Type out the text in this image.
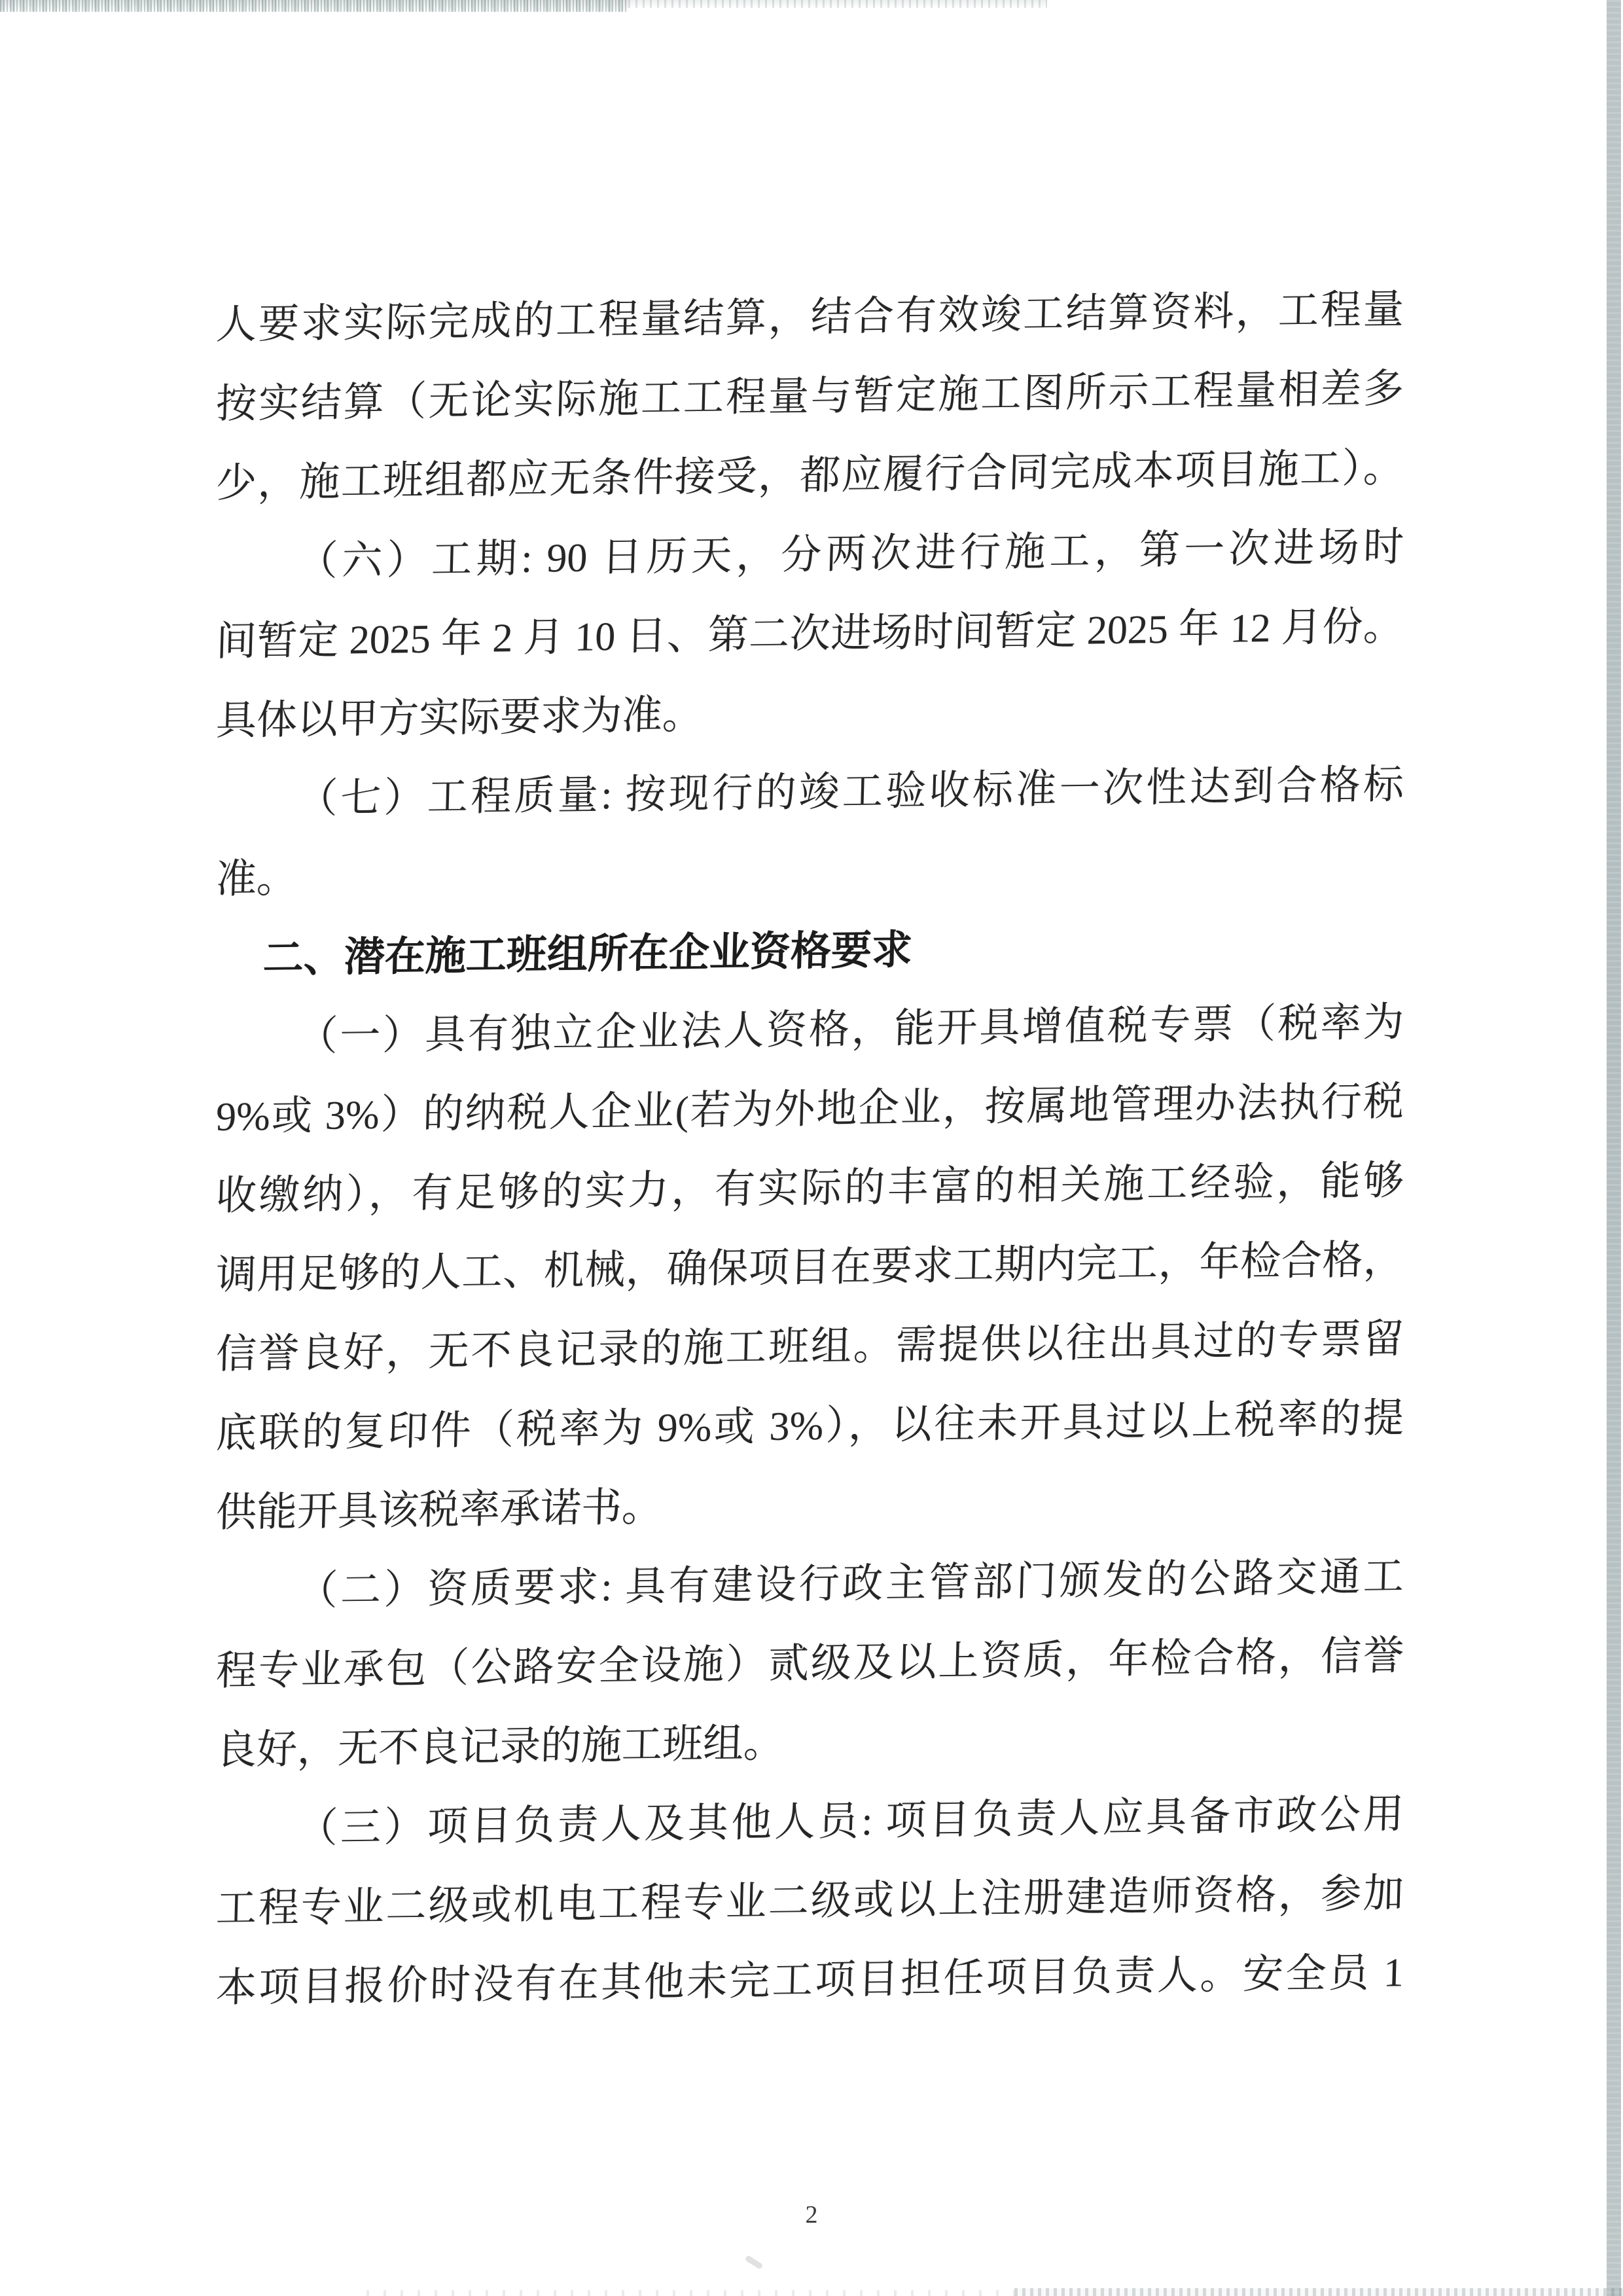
人要求实际完成的工程量结算，结合有效竣工结算资料，工程量
按实结算（无论实际施工工程量与暂定施工图所示工程量相差多
少，施工班组都应无条件接受，都应履行合同完成本项目施工）。
（六）工期: 90 日历天，分两次进行施工，第一次进场时
间暂定 2025 年 2 月 10 日、第二次进场时间暂定 2025 年 12 月份。
具体以甲方实际要求为准。
（七）工程质量: 按现行的竣工验收标准一次性达到合格标
准。
二、潜在施工班组所在企业资格要求
（一）具有独立企业法人资格，能开具增值税专票（税率为
9%或 3%）的纳税人企业(若为外地企业，按属地管理办法执行税
收缴纳），有足够的实力，有实际的丰富的相关施工经验，能够
调用足够的人工、机械，确保项目在要求工期内完工，年检合格，
信誉良好，无不良记录的施工班组。需提供以往出具过的专票留
底联的复印件（税率为 9%或 3%），以往未开具过以上税率的提
供能开具该税率承诺书。
（二）资质要求: 具有建设行政主管部门颁发的公路交通工
程专业承包（公路安全设施）贰级及以上资质，年检合格，信誉
良好，无不良记录的施工班组。
（三）项目负责人及其他人员: 项目负责人应具备市政公用
工程专业二级或机电工程专业二级或以上注册建造师资格，参加
本项目报价时没有在其他未完工项目担任项目负责人。安全员 1
2
